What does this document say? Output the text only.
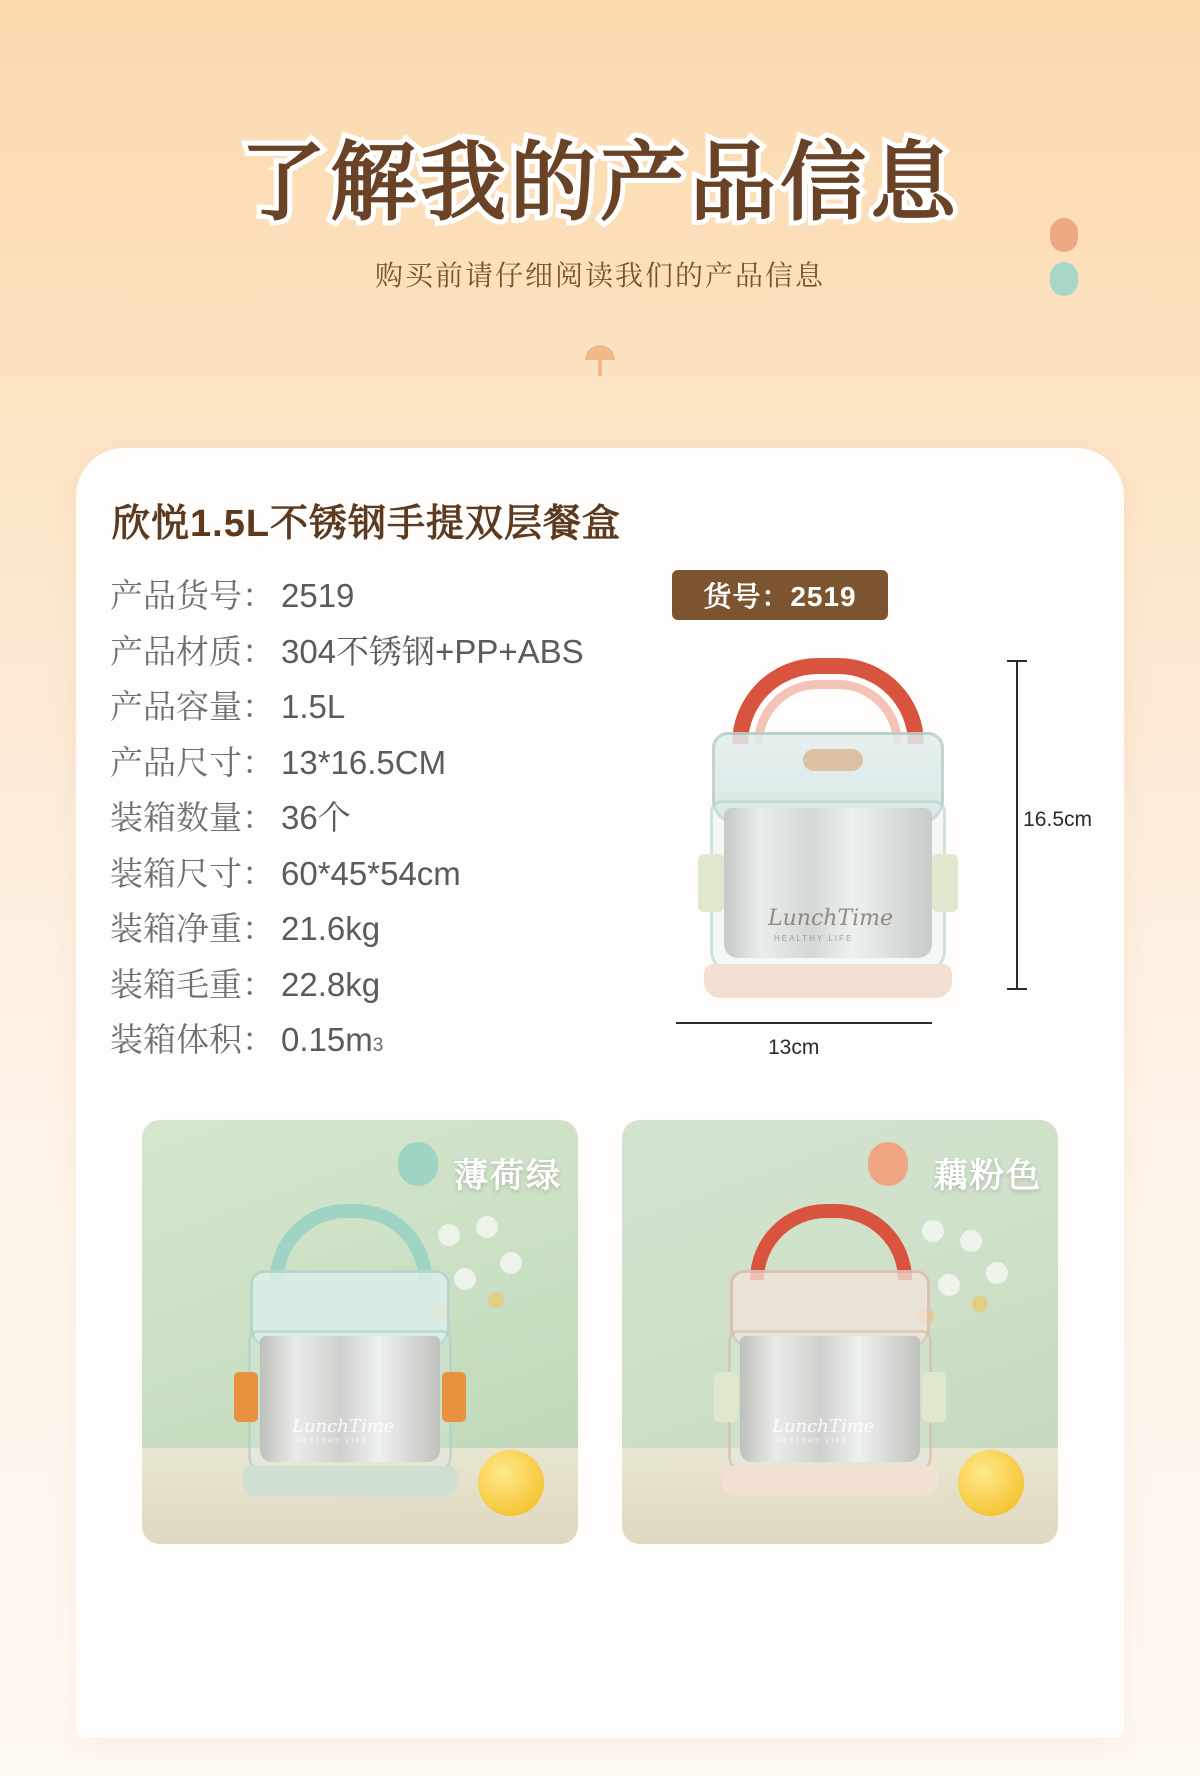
了解我的产品信息

购买前请仔细阅读我们的产品信息

欣悦1.5L不锈钢手提双层餐盒
产品货号 ： 2519
产品材质 ： 304不锈钢+PP+ABS
产品容量 ： 1.5L
产品尺寸 ： 13*16.5CM
装箱数量 ： 36个
装箱尺寸 ： 60*45*54cm
装箱净重 ： 21.6kg
装箱毛重 ： 22.8kg
装箱体积 ： 0.15m 3
货号：2519
LunchTime
HEALTHY LIFE
16.5cm
13cm
薄荷绿
LunchTime
HEALTHY LIFE
藕粉色
LunchTime
HEALTHY LIFE
